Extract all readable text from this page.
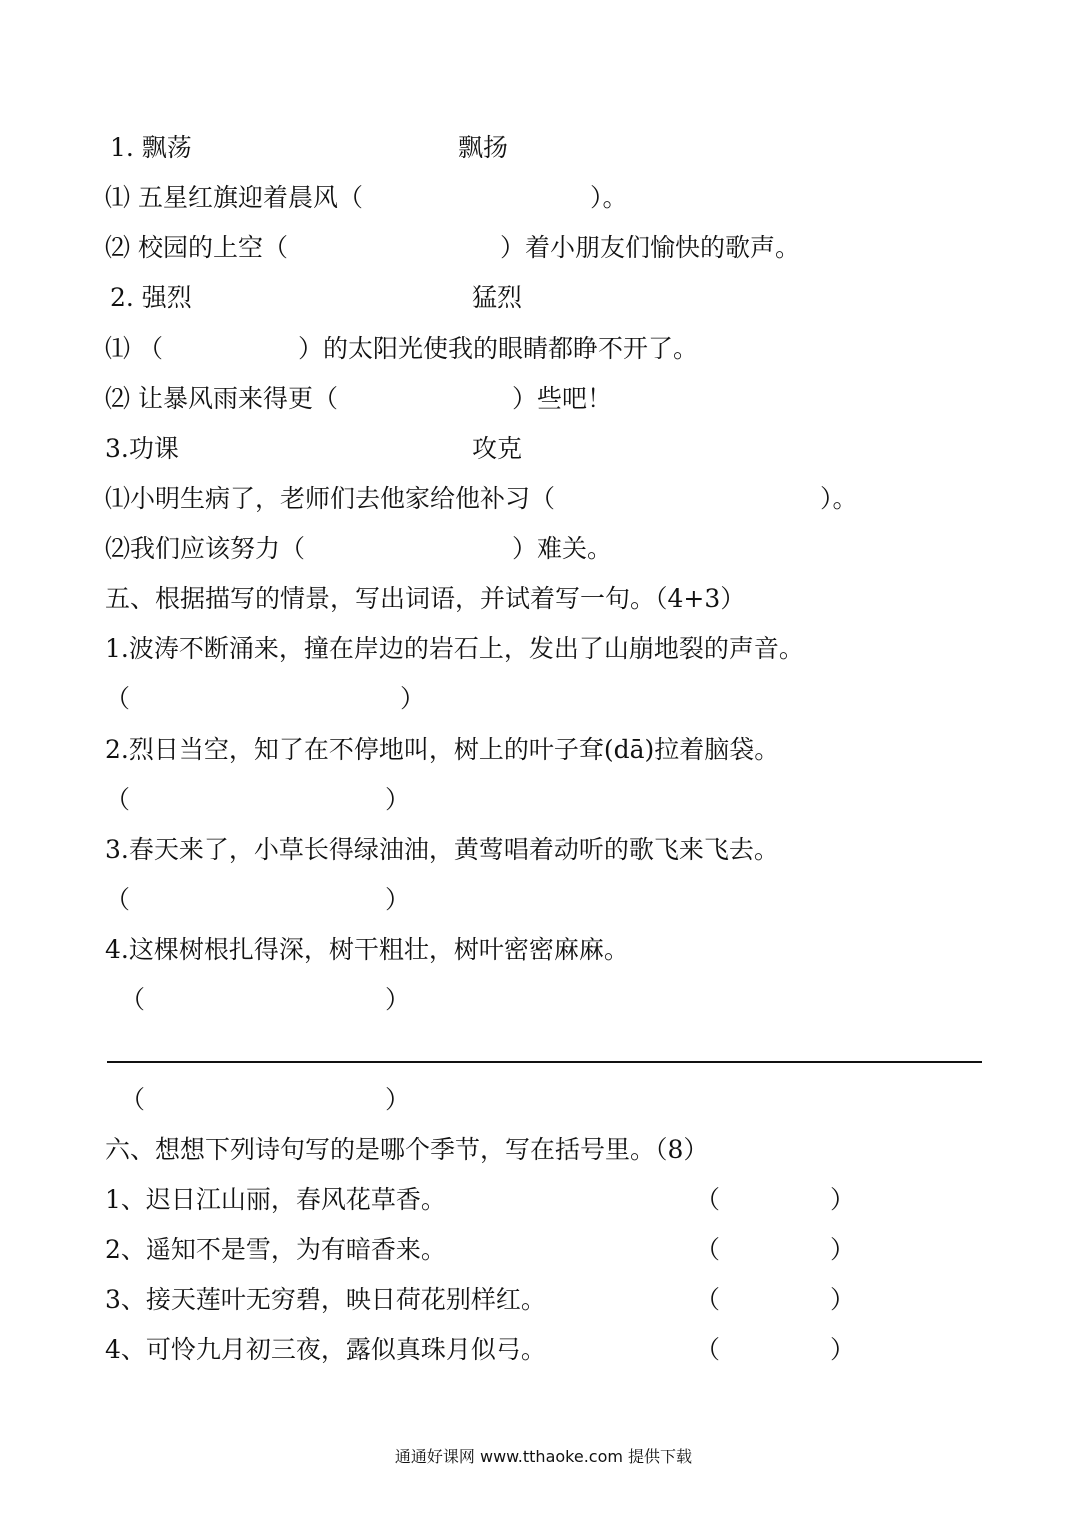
1. 飘荡	飘扬
⑴ 五星红旗迎着晨风（	）。
⑵ 校园的上空（	）着小朋友们愉快的歌声。
2. 强烈	猛烈
⑴ （	）的太阳光使我的眼睛都睁不开了。
⑵ 让暴风雨来得更（	）些吧！
3.功课	攻克
⑴小明生病了，老师们去他家给他补习（	）。
⑵我们应该努力（	）难关。
五、根据描写的情景，写出词语，并试着写一句。（4+3）
1.波涛不断涌来，撞在岸边的岩石上，发出了山崩地裂的声音。
（	）
2.烈日当空，知了在不停地叫，树上的叶子耷(dā)拉着脑袋。
（	）
3.春天来了，小草长得绿油油，黄莺唱着动听的歌飞来飞去。
（	）
4.这棵树根扎得深，树干粗壮，树叶密密麻麻。
（	）
（	）
六、想想下列诗句写的是哪个季节，写在括号里。（8）
1、迟日江山丽，春风花草香。	（	）
2、遥知不是雪，为有暗香来。	（	）
3、接天莲叶无穷碧，映日荷花别样红。	（	）
4、可怜九月初三夜，露似真珠月似弓。	（	）
通通好课网 www.tthaoke.com 提供下载
